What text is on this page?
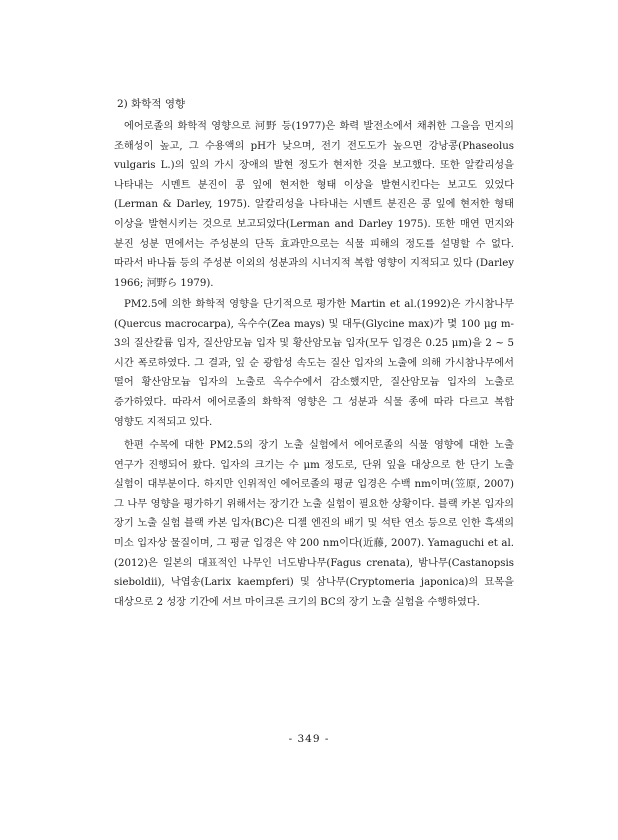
2) 화학적 영향

에어로졸의 화학적 영향으로 河野 등(1977)은 화력 발전소에서 채취한 그을음 먼지의 조해성이 높고, 그 수용액의 pH가 낮으며, 전기 전도도가 높으면 강낭콩(Phaseolus vulgaris L.)의 잎의 가시 장애의 발현 정도가 현저한 것을 보고했다. 또한 알칼리성을 나타내는 시멘트 분진이 콩 잎에 현저한 형태 이상을 발현시킨다는 보고도 있었다(Lerman & Darley, 1975). 알칼리성을 나타내는 시멘트 분진은 콩 잎에 현저한 형태 이상을 발현시키는 것으로 보고되었다(Lerman and Darley 1975). 또한 매연 먼지와 분진 성분 면에서는 주성분의 단독 효과만으로는 식물 피해의 정도를 설명할 수 없다. 따라서 바나듐 등의 주성분 이외의 성분과의 시너지적 복합 영향이 지적되고 있다 (Darley 1966; 河野ら 1979).

PM2.5에 의한 화학적 영향을 단기적으로 평가한 Martin et al.(1992)은 가시참나무(Quercus macrocarpa), 옥수수(Zea mays) 및 대두(Glycine max)가 몇 100 μg m-3의 질산칼륨 입자, 질산암모늄 입자 및 황산암모늄 입자(모두 입경은 0.25 μm)을 2 ~ 5 시간 폭로하였다. 그 결과, 잎 순 광합성 속도는 질산 입자의 노출에 의해 가시참나무에서 떨어 황산암모늄 입자의 노출로 옥수수에서 감소했지만, 질산암모늄 입자의 노출로 증가하였다. 따라서 에어로졸의 화학적 영향은 그 성분과 식물 종에 따라 다르고 복합 영향도 지적되고 있다.

한편 수목에 대한 PM2.5의 장기 노출 실험에서 에어로졸의 식물 영향에 대한 노출 연구가 진행되어 왔다. 입자의 크기는 수 μm 정도로, 단위 잎을 대상으로 한 단기 노출 실험이 대부분이다. 하지만 인위적인 에어로졸의 평균 입경은 수백 nm이며(笠原, 2007) 그 나무 영향을 평가하기 위해서는 장기간 노출 실험이 필요한 상황이다. 블랙 카본 입자의 장기 노출 실험 블랙 카본 입자(BC)은 디젤 엔진의 배기 및 석탄 연소 등으로 인한 흑색의 미소 입자상 물질이며, 그 평균 입경은 약 200 nm이다(近藤, 2007). Yamaguchi et al.(2012)은 일본의 대표적인 나무인 너도밤나무(Fagus crenata), 밤나무(Castanopsis sieboldii), 낙엽송(Larix kaempferi) 및 삼나무(Cryptomeria japonica)의 묘목을 대상으로 2 성장 기간에 서브 마이크론 크기의 BC의 장기 노출 실험을 수행하였다.

- 349 -
